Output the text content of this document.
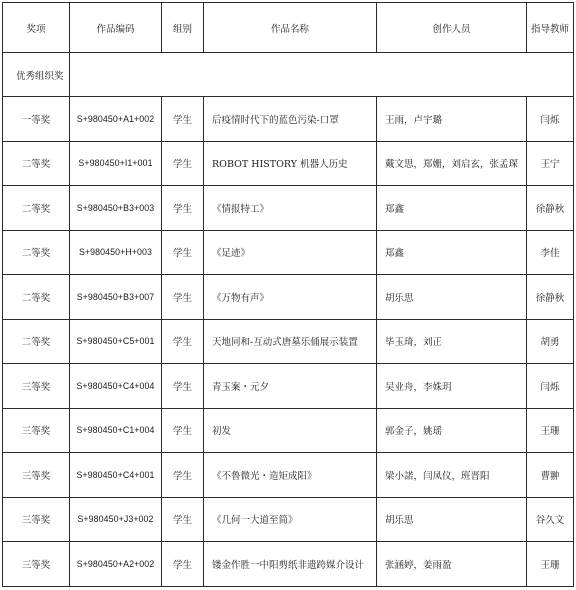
奖项	作品编码	组别	作品名称	创作人员	指导教师
优秀组织奖					
一等奖	S+980450+A1+002	学生	后疫情时代下的蓝色污染-口罩	王雨，卢宇璐	闫烁
二等奖	S+980450+I1+001	学生	ROBOT HISTORY 机器人历史	戴文思，郑姗，刘启玄，张孟琛	王宁
二等奖	S+980450+B3+003	学生	《情报特工》	郑鑫	徐静秋
二等奖	S+980450+H+003	学生	《足迹》	郑鑫	李佳
二等奖	S+980450+B3+007	学生	《万物有声》	胡乐思	徐静秋
二等奖	S+980450+C5+001	学生	天地同和-互动式唐墓乐俑展示装置	毕玉琦，刘正	胡勇
三等奖	S+980450+C4+004	学生	青玉案・元夕	吴业舟，李姝玥	闫烁
三等奖	S+980450+C1+004	学生	初发	郭金子，姚瑶	王珊
三等奖	S+980450+C4+001	学生	《不鲁微光・造矩成阳》	梁小諾，闫凤仪，班晋阳	曹翀
三等奖	S+980450+J3+002	学生	《几何一大道至简》	胡乐思	谷久文
三等奖	S+980450+A2+002	学生	镂金作胜一中阳剪纸非遗跨媒介设计	张涵婷，姜雨盈	王珊
